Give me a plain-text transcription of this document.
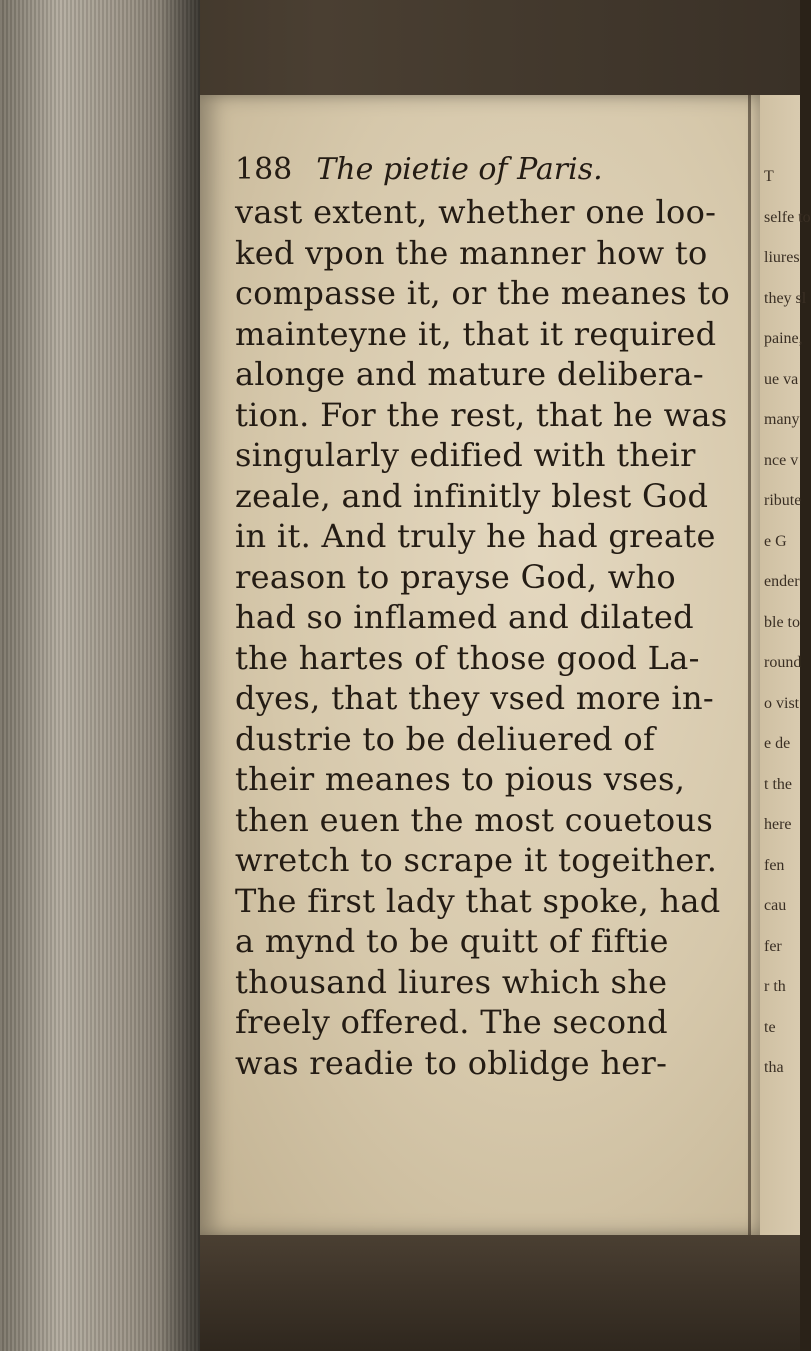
188 The pietie of Paris.
vast extent, whether one loo-
ked vpon the manner how to
compasse it, or the meanes to
mainteyne it, that it required
alonge and mature delibera-
tion. For the rest, that he was
singularly edified with their
zeale, and infinitly blest God
in it. And truly he had greate
reason to prayse God, who
had so inflamed and dilated
the hartes of those good La-
dyes, that they vsed more in-
dustrie to be deliuered of
their meanes to pious vses,
then euen the most couetous
wretch to scrape it togeither.
The first lady that spoke, had
a mynd to be quitt of fiftie
thousand liures which she
freely offered. The second
was readie to oblidge her-
T
selfe to
liures
they sl
paine,
ue va
many
nce v
ribute
e G
ender
ble to
round
o vist
e de
t the
here
fen
cau
fer
r th
te
tha
